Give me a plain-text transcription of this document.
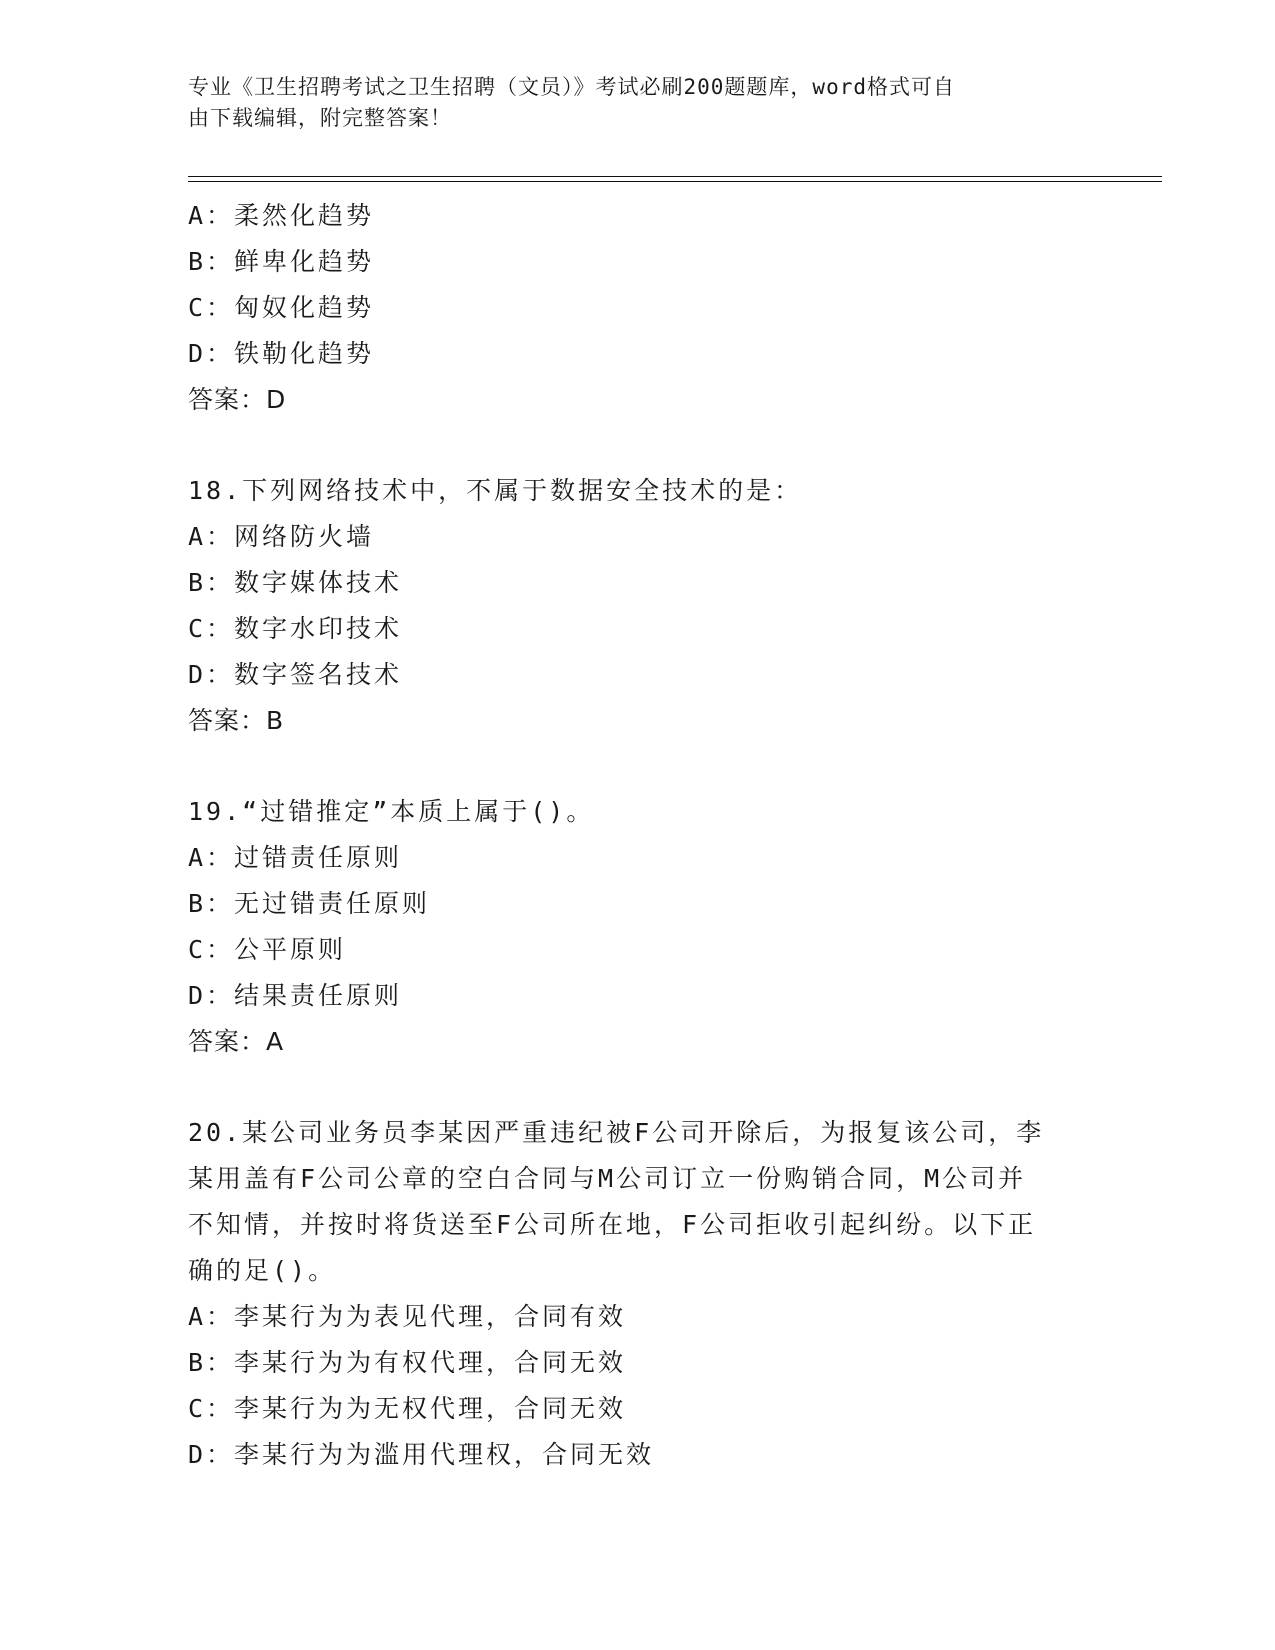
专业《卫生招聘考试之卫生招聘（文员）》考试必刷200题题库，word格式可自
由下载编辑，附完整答案！
A：柔然化趋势
B：鲜卑化趋势
C：匈奴化趋势
D：铁勒化趋势
答案：D
18.下列网络技术中，不属于数据安全技术的是：
A：网络防火墙
B：数字媒体技术
C：数字水印技术
D：数字签名技术
答案：B
19.“过错推定”本质上属于()。
A：过错责任原则
B：无过错责任原则
C：公平原则
D：结果责任原则
答案：A
20.某公司业务员李某因严重违纪被F公司开除后，为报复该公司，李
某用盖有F公司公章的空白合同与M公司订立一份购销合同，M公司并
不知情，并按时将货送至F公司所在地，F公司拒收引起纠纷。以下正
确的足()。
A：李某行为为表见代理，合同有效
B：李某行为为有权代理，合同无效
C：李某行为为无权代理，合同无效
D：李某行为为滥用代理权，合同无效
